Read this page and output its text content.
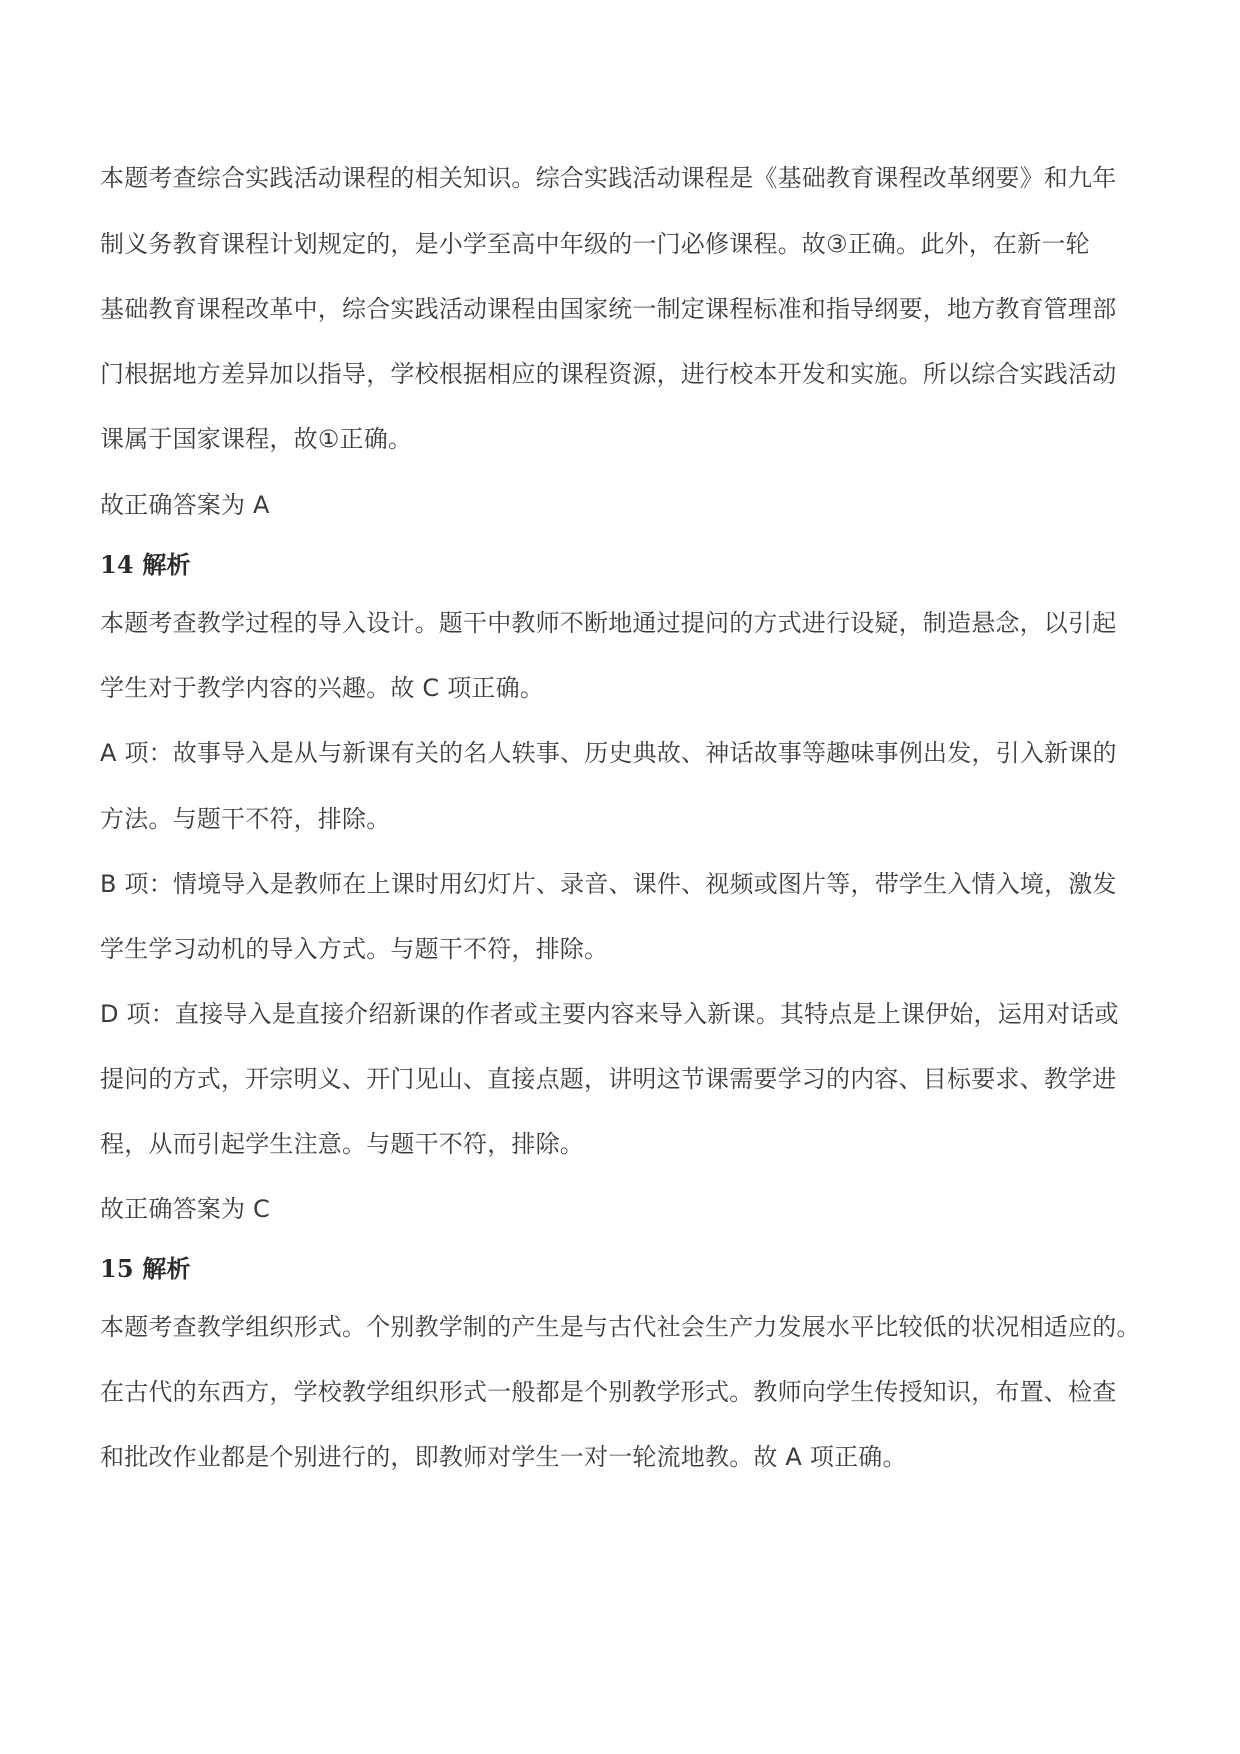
本题考查综合实践活动课程的相关知识。综合实践活动课程是《基础教育课程改革纲要》和九年
制义务教育课程计划规定的，是小学至高中年级的一门必修课程。故③正确。此外，在新一轮
基础教育课程改革中，综合实践活动课程由国家统一制定课程标准和指导纲要，地方教育管理部
门根据地方差异加以指导，学校根据相应的课程资源，进行校本开发和实施。所以综合实践活动
课属于国家课程，故①正确。
故正确答案为 A
14 解析
本题考查教学过程的导入设计。题干中教师不断地通过提问的方式进行设疑，制造悬念，以引起
学生对于教学内容的兴趣。故 C 项正确。
A 项：故事导入是从与新课有关的名人轶事、历史典故、神话故事等趣味事例出发，引入新课的
方法。与题干不符，排除。
B 项：情境导入是教师在上课时用幻灯片、录音、课件、视频或图片等，带学生入情入境，激发
学生学习动机的导入方式。与题干不符，排除。
D 项：直接导入是直接介绍新课的作者或主要内容来导入新课。其特点是上课伊始，运用对话或
提问的方式，开宗明义、开门见山、直接点题，讲明这节课需要学习的内容、目标要求、教学进
程，从而引起学生注意。与题干不符，排除。
故正确答案为 C
15 解析
本题考查教学组织形式。个别教学制的产生是与古代社会生产力发展水平比较低的状况相适应的。
在古代的东西方，学校教学组织形式一般都是个别教学形式。教师向学生传授知识，布置、检查
和批改作业都是个别进行的，即教师对学生一对一轮流地教。故 A 项正确。
